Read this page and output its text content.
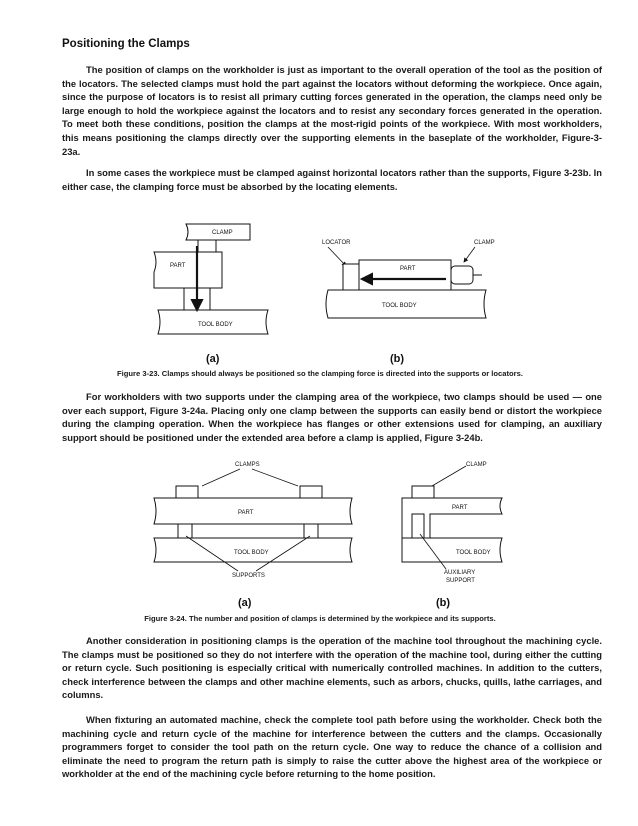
Positioning the Clamps
The position of clamps on the workholder is just as important to the overall operation of the tool as the position of the locators. The selected clamps must hold the part against the locators without deforming the workpiece. Once again, since the purpose of locators is to resist all primary cutting forces generated in the operation, the clamps need only be large enough to hold the workpiece against the locators and to resist any secondary forces generated in the operation. To meet both these conditions, position the clamps at the most-rigid points of the workpiece. With most workholders, this means positioning the clamps directly over the supporting elements in the baseplate of the workholder, Figure-3-23a.
In some cases the workpiece must be clamped against horizontal locators rather than the supports, Figure 3-23b. In either case, the clamping force must be absorbed by the locating elements.
CLAMP
PART
TOOL BODY
(a)
LOCATOR	CLAMP
PART
TOOL BODY
(b)
Figure 3-23. Clamps should always be positioned so the clamping force is directed into the supports or locators.
For workholders with two supports under the clamping area of the workpiece, two clamps should be used — one over each support, Figure 3-24a. Placing only one clamp between the supports can easily bend or distort the workpiece during the clamping operation. When the workpiece has flanges or other extensions used for clamping, an auxiliary support should be positioned under the extended area before a clamp is applied, Figure 3-24b.
CLAMPS
PART
TOOL BODY
SUPPORTS
(a)
CLAMP
PART
TOOL BODY
AUXILIARY
SUPPORT
(b)
Figure 3-24. The number and position of clamps is determined by the workpiece and its supports.
Another consideration in positioning clamps is the operation of the machine tool throughout the machining cycle. The clamps must be positioned so they do not interfere with the operation of the machine tool, during either the cutting or return cycle. Such positioning is especially critical with numerically controlled machines. In addition to the cutters, check interference between the clamps and other machine elements, such as arbors, chucks, quills, lathe carriages, and columns.
When fixturing an automated machine, check the complete tool path before using the workholder. Check both the machining cycle and return cycle of the machine for interference between the cutters and the clamps. Occasionally programmers forget to consider the tool path on the return cycle. One way to reduce the chance of a collision and eliminate the need to program the return path is simply to raise the cutter above the highest area of the workpiece or workholder at the end of the machining cycle before returning to the home position.
